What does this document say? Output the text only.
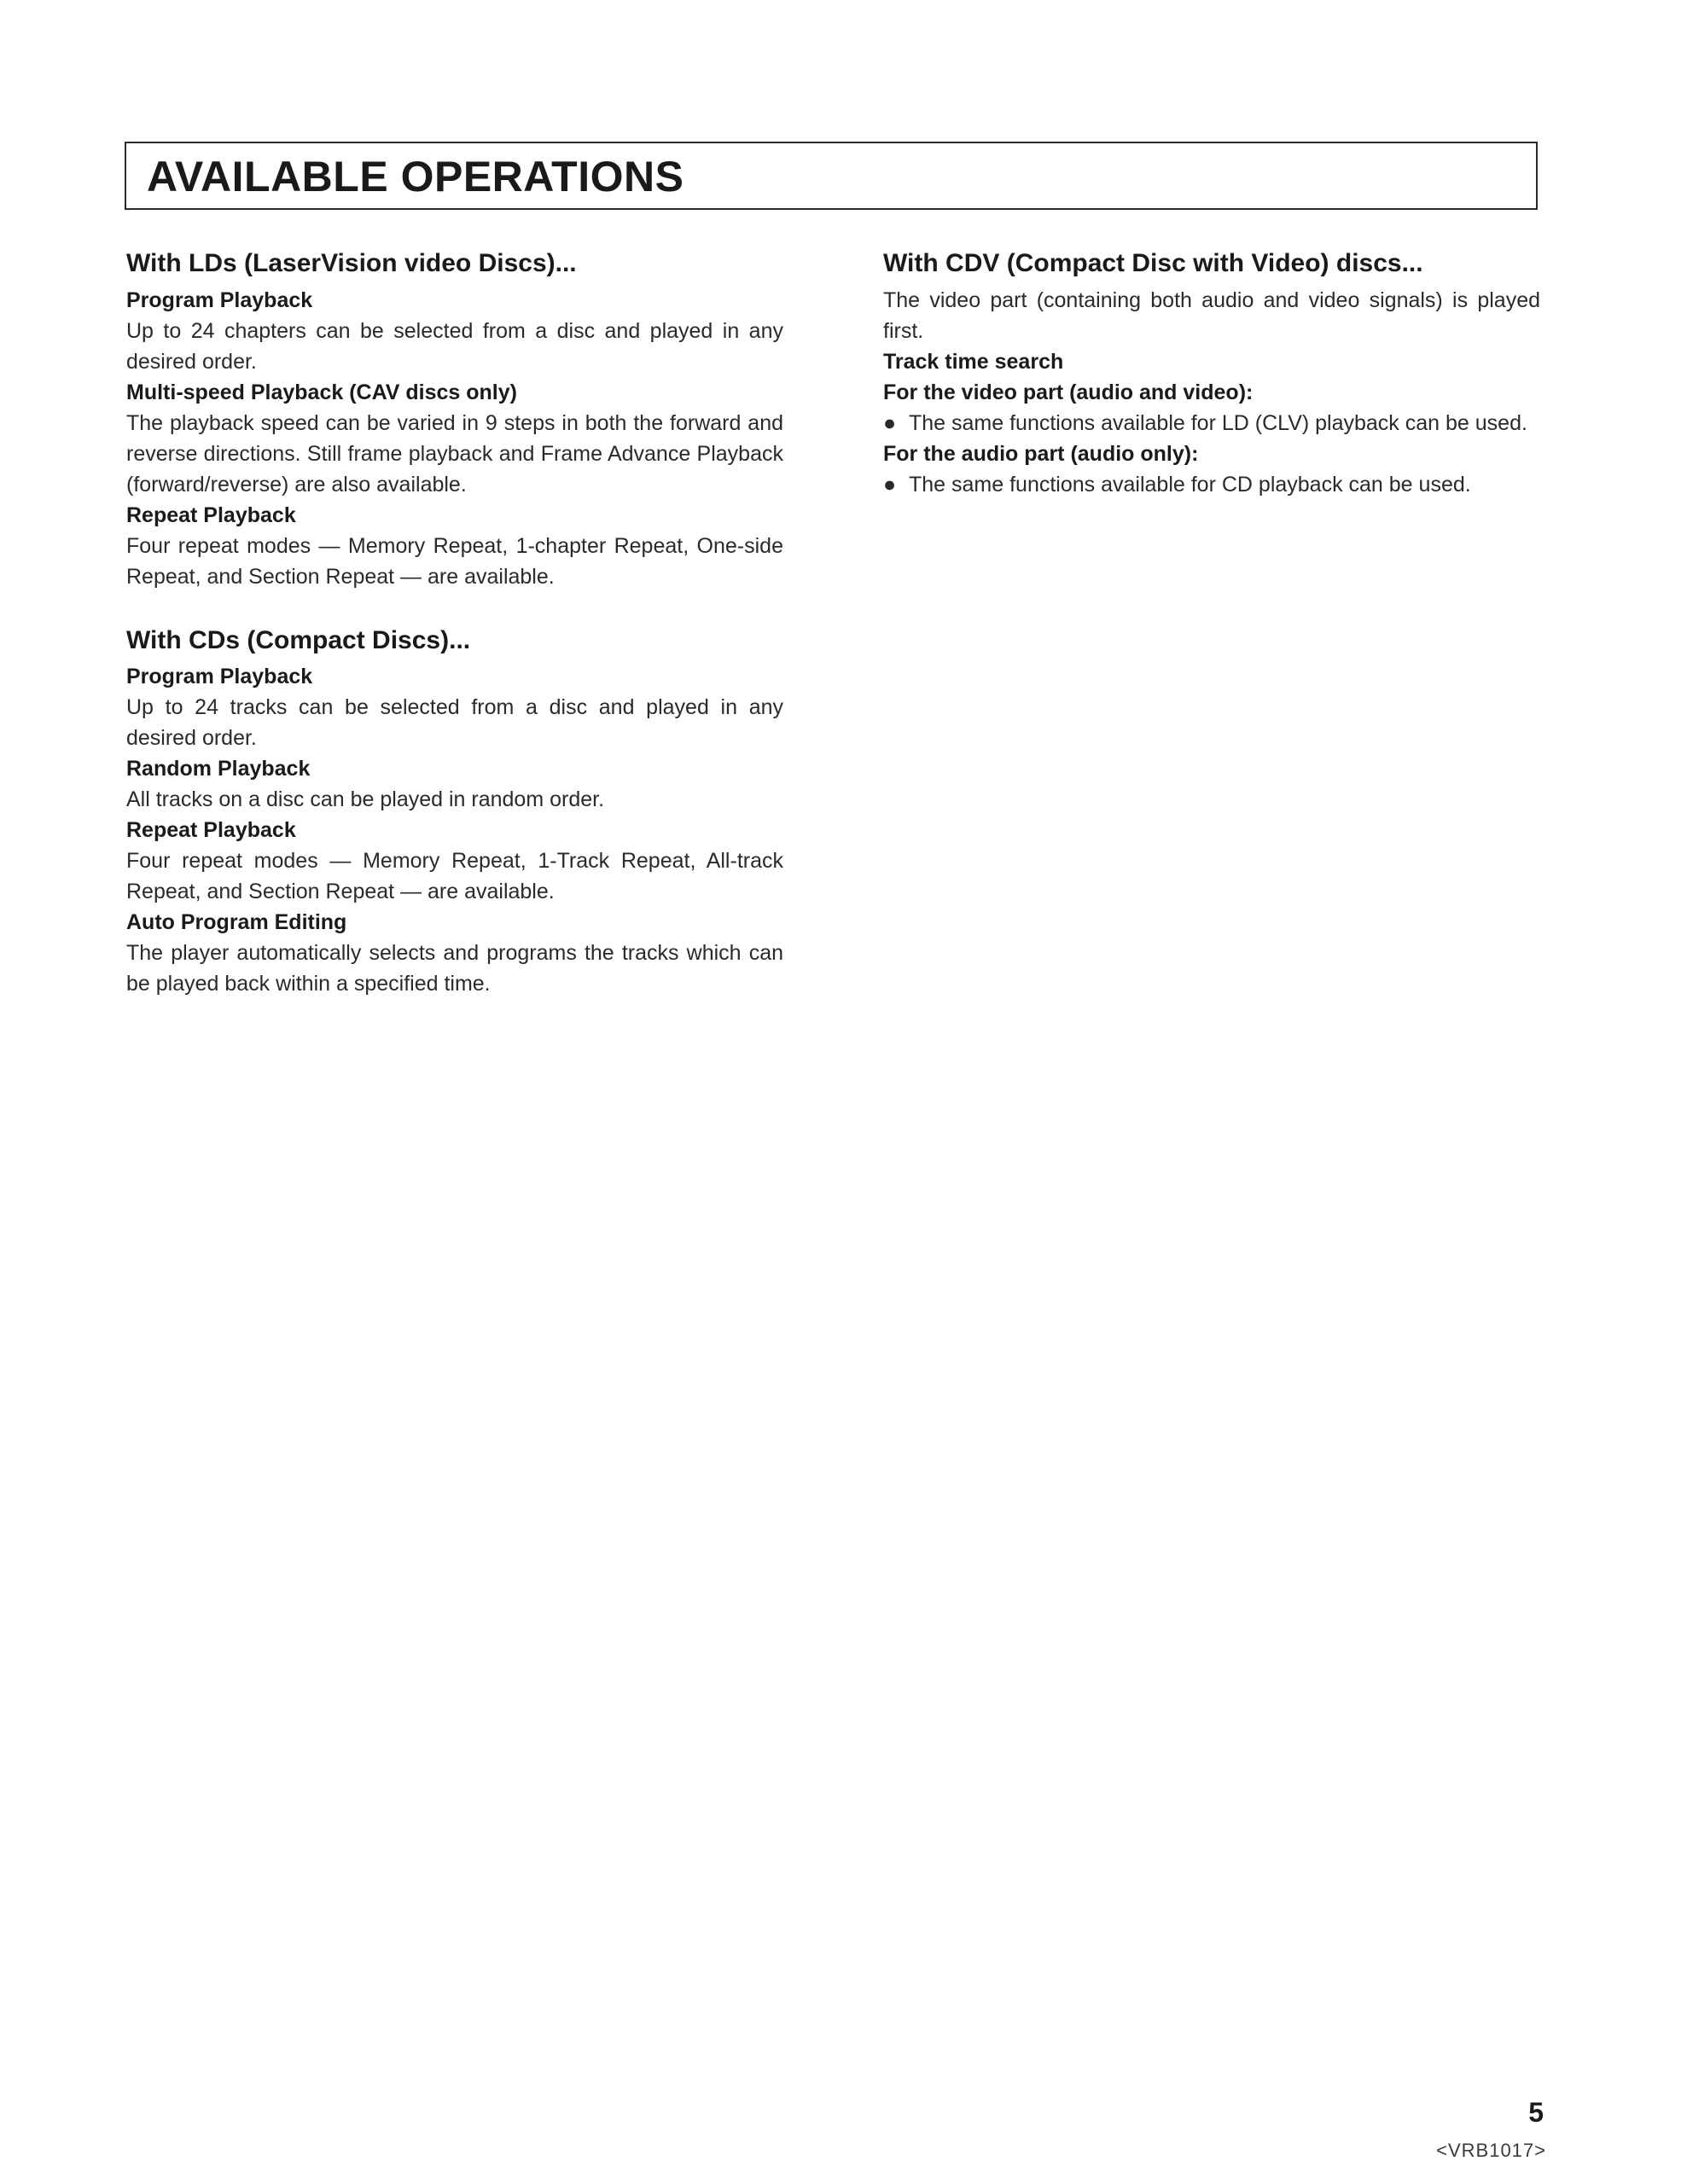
AVAILABLE OPERATIONS
With LDs (LaserVision video Discs)...
Program Playback
Up to 24 chapters can be selected from a disc and played in any desired order.
Multi-speed Playback (CAV discs only)
The playback speed can be varied in 9 steps in both the forward and reverse directions. Still frame playback and Frame Advance Playback (forward/reverse) are also available.
Repeat Playback
Four repeat modes — Memory Repeat, 1-chapter Repeat, One-side Repeat, and Section Repeat — are available.
With CDs (Compact Discs)...
Program Playback
Up to 24 tracks can be selected from a disc and played in any desired order.
Random Playback
All tracks on a disc can be played in random order.
Repeat Playback
Four repeat modes — Memory Repeat, 1-Track Repeat, All-track Repeat, and Section Repeat — are available.
Auto Program Editing
The player automatically selects and programs the tracks which can be played back within a specified time.
With CDV (Compact Disc with Video) discs...
The video part (containing both audio and video signals) is played first.
Track time search
For the video part (audio and video):
● The same functions available for LD (CLV) playback can be used.
For the audio part (audio only):
● The same functions available for CD playback can be used.
5
<VRB1017>
